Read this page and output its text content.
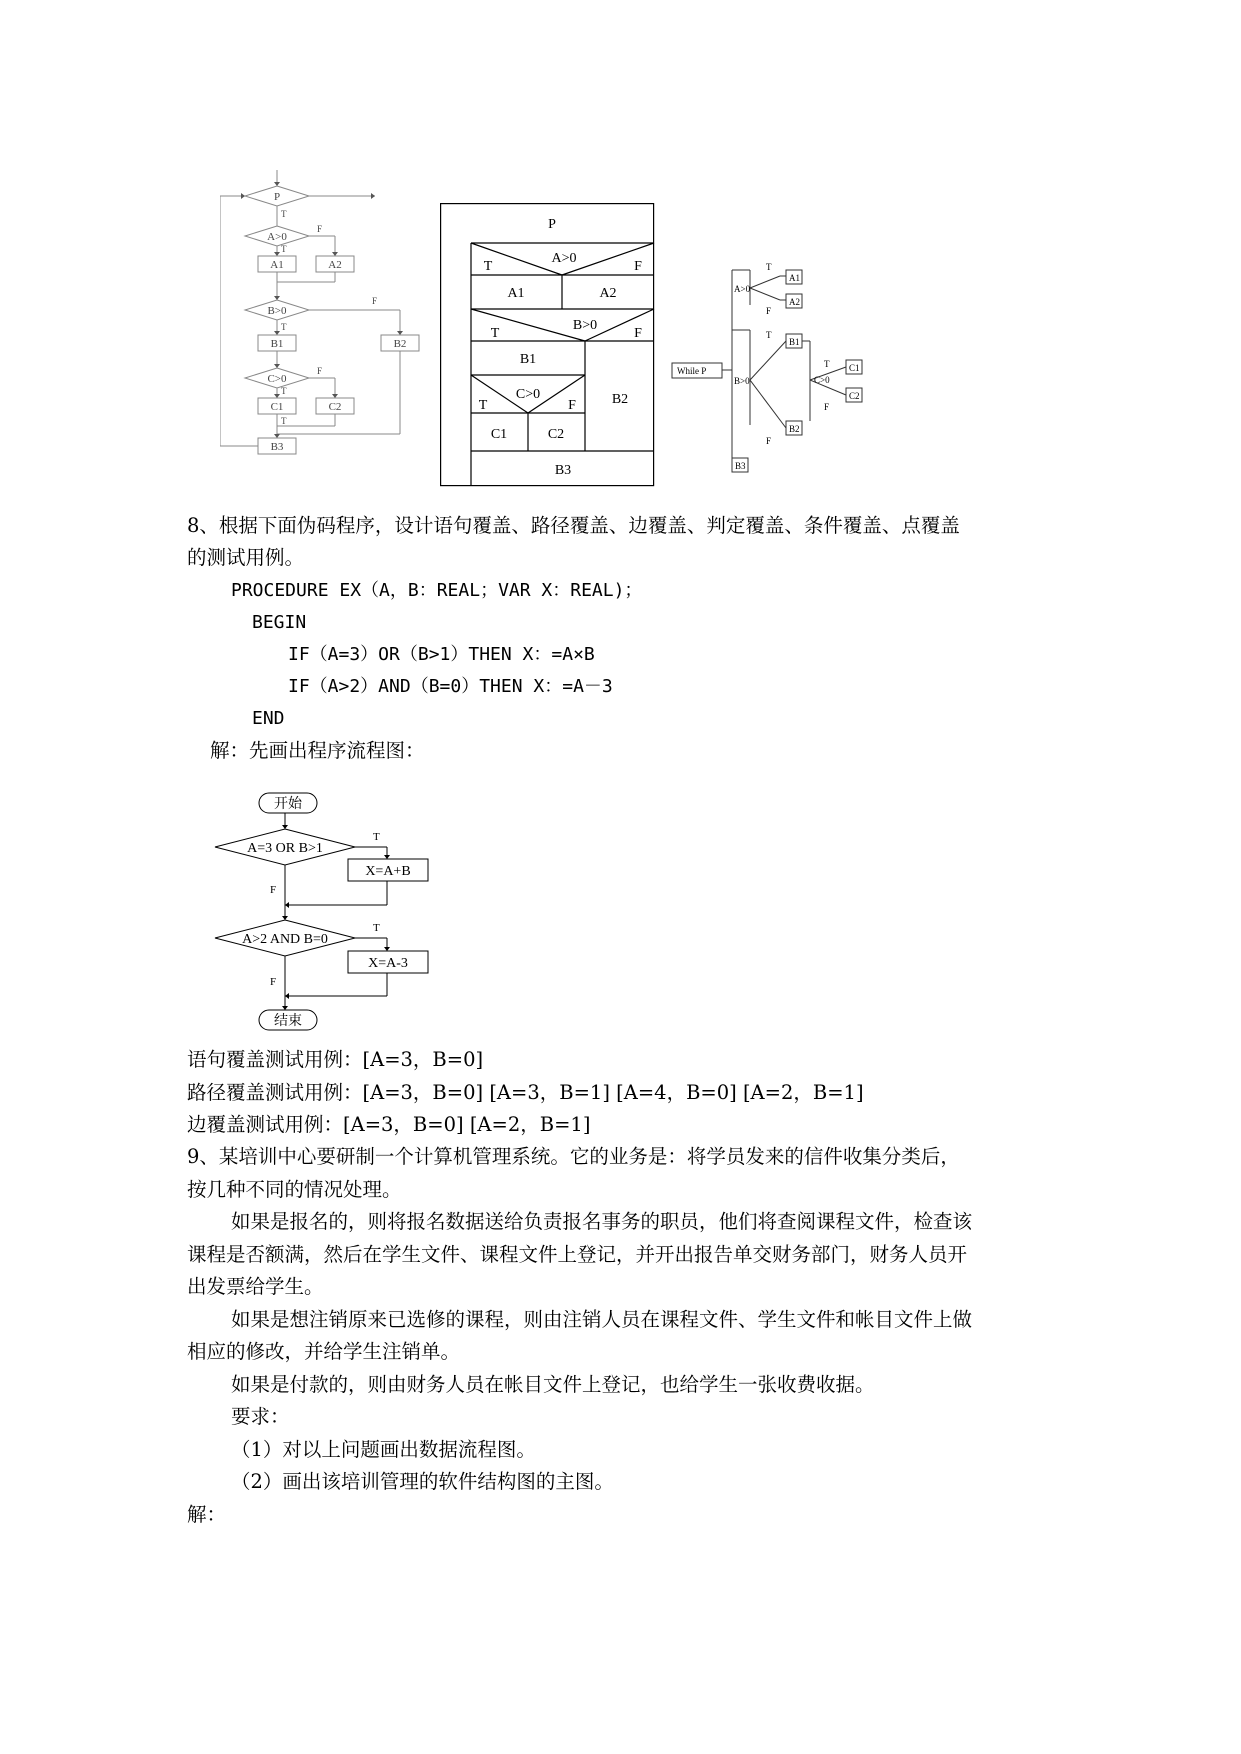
P
A>0
A1	A2
B>0
B1	B2
C>0
C1	C2
B3
T
T
F
T
F
T
F
T
P
A>0
T	F
A1	A2
B>0
T	F
B1
B2
C>0
T	F
C1	C2
B3
While P
A>0
A1
A2
T
F
B>0
B1
B2
T
F
C>0
C1
C2
T
F
B3
8、根据下面伪码程序，设计语句覆盖、路径覆盖、边覆盖、判定覆盖、条件覆盖、点覆盖
的测试用例。
PROCEDURE EX（A，B：REAL；VAR X：REAL)；
BEGIN
IF（A=3）OR（B>1）THEN X：=A×B
IF（A>2）AND（B=0）THEN X：=A－3
END
解：先画出程序流程图：
开始
A=3 OR B>1
X=A+B
A>2 AND B=0
X=A-3
结束
T
F
T
F
语句覆盖测试用例：[A=3，B=0]
路径覆盖测试用例：[A=3，B=0] [A=3，B=1] [A=4，B=0] [A=2，B=1]
边覆盖测试用例：[A=3，B=0] [A=2，B=1]
9、某培训中心要研制一个计算机管理系统。它的业务是：将学员发来的信件收集分类后，
按几种不同的情况处理。
如果是报名的，则将报名数据送给负责报名事务的职员，他们将查阅课程文件，检查该
课程是否额满，然后在学生文件、课程文件上登记，并开出报告单交财务部门，财务人员开
出发票给学生。
如果是想注销原来已选修的课程，则由注销人员在课程文件、学生文件和帐目文件上做
相应的修改，并给学生注销单。
如果是付款的，则由财务人员在帐目文件上登记，也给学生一张收费收据。
要求：
（1）对以上问题画出数据流程图。
（2）画出该培训管理的软件结构图的主图。
解：
